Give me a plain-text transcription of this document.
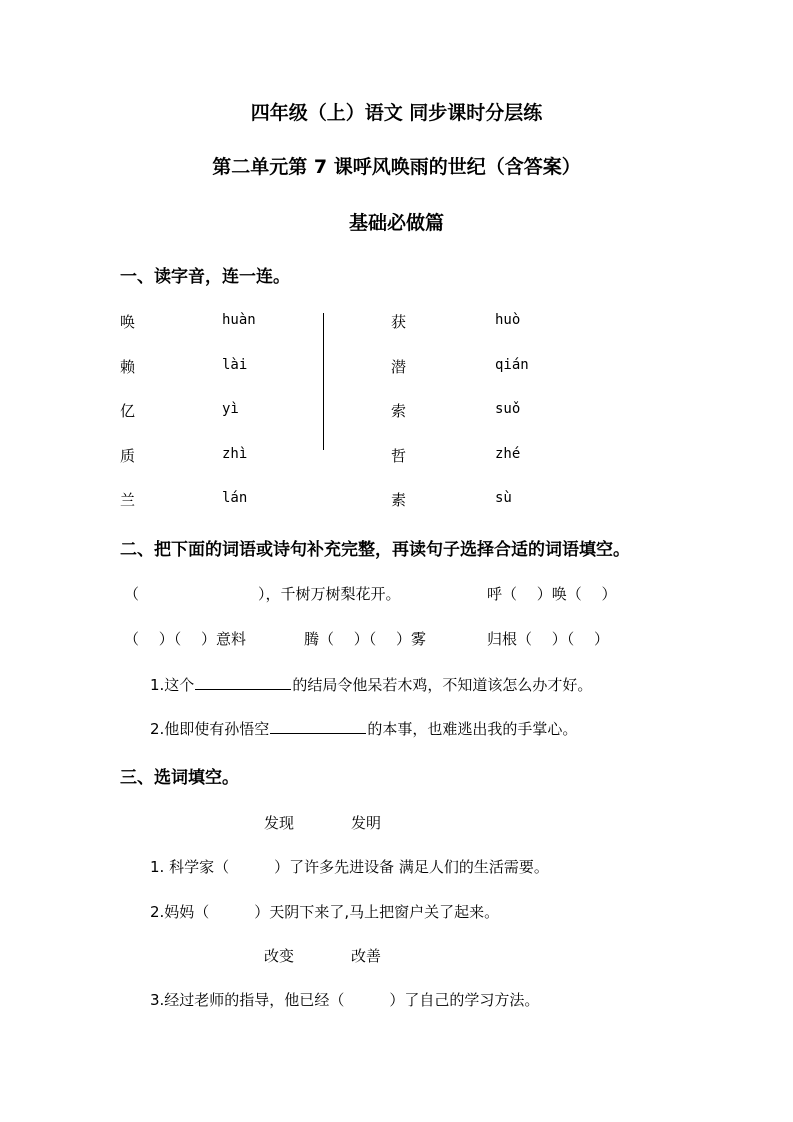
四年级（上）语文 同步课时分层练
第二单元第 7 课呼风唤雨的世纪（含答案）
基础必做篇
一、读字音，连一连。
唤	huàn
赖	lài
亿	yì
质	zhì
兰	lán
获	huò
潜	qián
索	suǒ
哲	zhé
素	sù
二、把下面的词语或诗句补充完整，再读句子选择合适的词语填空。
（	），千树万树梨花开。	呼（　 ）唤（　 ）
（　 ）（　 ）意料	腾（　 ）（　 ）雾	归根（　 ）（　 ）
1.这个	的结局令他呆若木鸡，不知道该怎么办才好。
2.他即使有孙悟空	的本事，也难逃出我的手掌心。
三、选词填空。
发现	发明
1. 科学家（　　　）了许多先进设备 满足人们的生活需要。
2.妈妈（　　　）天阴下来了,马上把窗户关了起来。
改变	改善
3.经过老师的指导，他已经（　　　）了自己的学习方法。
